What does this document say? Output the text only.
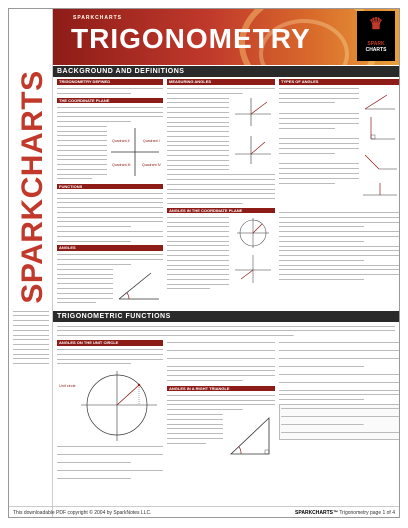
SPARKCHARTS
SPARKCHARTS
TRIGONOMETRY	♛
SPARK
CHARTS
BACKGROUND AND DEFINITIONS
TRIGONOMETRY DEFINED
THE COORDINATE PLANE
Quadrant I
Quadrant II
Quadrant III	Quadrant IV
FUNCTIONS
ANGLES
MEASURING ANGLES
ANGLES IN THE COORDINATE PLANE
TYPES OF ANGLES
TRIGONOMETRIC FUNCTIONS
ANGLES ON THE UNIT CIRCLE
Unit circle
ANGLES IN A RIGHT TRIANGLE
This downloadable PDF copyright © 2004 by SparkNotes LLC.	SPARKCHARTS™ Trigonometry page 1 of 4
